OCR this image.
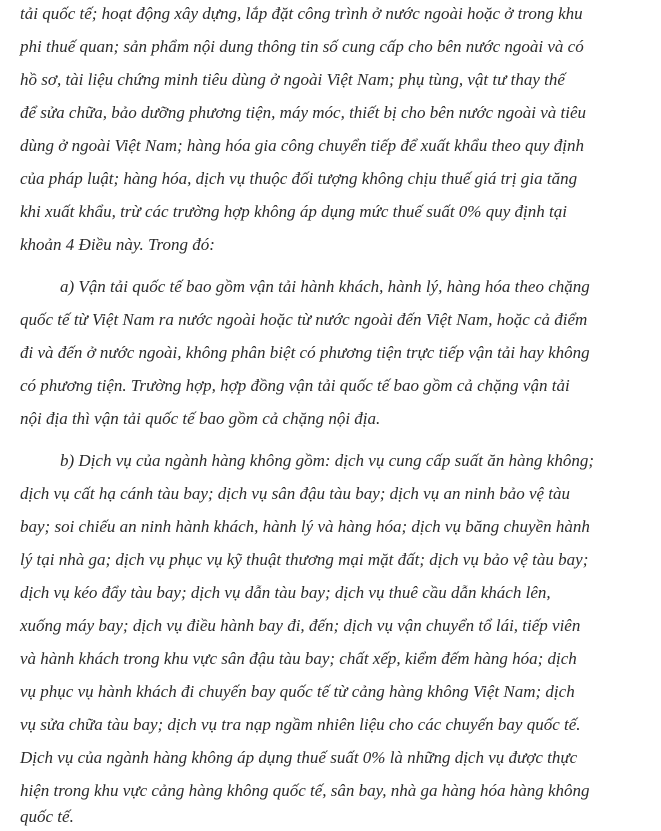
tải quốc tế; hoạt động xây dựng, lắp đặt công trình ở nước ngoài hoặc ở trong khu
phi thuế quan; sản phẩm nội dung thông tin số cung cấp cho bên nước ngoài và có
hồ sơ, tài liệu chứng minh tiêu dùng ở ngoài Việt Nam; phụ tùng, vật tư thay thế
để sửa chữa, bảo dưỡng phương tiện, máy móc, thiết bị cho bên nước ngoài và tiêu
dùng ở ngoài Việt Nam; hàng hóa gia công chuyển tiếp để xuất khẩu theo quy định
của pháp luật; hàng hóa, dịch vụ thuộc đối tượng không chịu thuế giá trị gia tăng
khi xuất khẩu, trừ các trường hợp không áp dụng mức thuế suất 0% quy định tại
khoản 4 Điều này. Trong đó:
a) Vận tải quốc tế bao gồm vận tải hành khách, hành lý, hàng hóa theo chặng
quốc tế từ Việt Nam ra nước ngoài hoặc từ nước ngoài đến Việt Nam, hoặc cả điểm
đi và đến ở nước ngoài, không phân biệt có phương tiện trực tiếp vận tải hay không
có phương tiện. Trường hợp, hợp đồng vận tải quốc tế bao gồm cả chặng vận tải
nội địa thì vận tải quốc tế bao gồm cả chặng nội địa.
b) Dịch vụ của ngành hàng không gồm: dịch vụ cung cấp suất ăn hàng không;
dịch vụ cất hạ cánh tàu bay; dịch vụ sân đậu tàu bay; dịch vụ an ninh bảo vệ tàu
bay; soi chiếu an ninh hành khách, hành lý và hàng hóa; dịch vụ băng chuyền hành
lý tại nhà ga; dịch vụ phục vụ kỹ thuật thương mại mặt đất; dịch vụ bảo vệ tàu bay;
dịch vụ kéo đẩy tàu bay; dịch vụ dẫn tàu bay; dịch vụ thuê cầu dẫn khách lên,
xuống máy bay; dịch vụ điều hành bay đi, đến; dịch vụ vận chuyển tổ lái, tiếp viên
và hành khách trong khu vực sân đậu tàu bay; chất xếp, kiểm đếm hàng hóa; dịch
vụ phục vụ hành khách đi chuyến bay quốc tế từ cảng hàng không Việt Nam; dịch
vụ sửa chữa tàu bay; dịch vụ tra nạp ngầm nhiên liệu cho các chuyến bay quốc tế.
Dịch vụ của ngành hàng không áp dụng thuế suất 0% là những dịch vụ được thực
hiện trong khu vực cảng hàng không quốc tế, sân bay, nhà ga hàng hóa hàng không
quốc tế.
